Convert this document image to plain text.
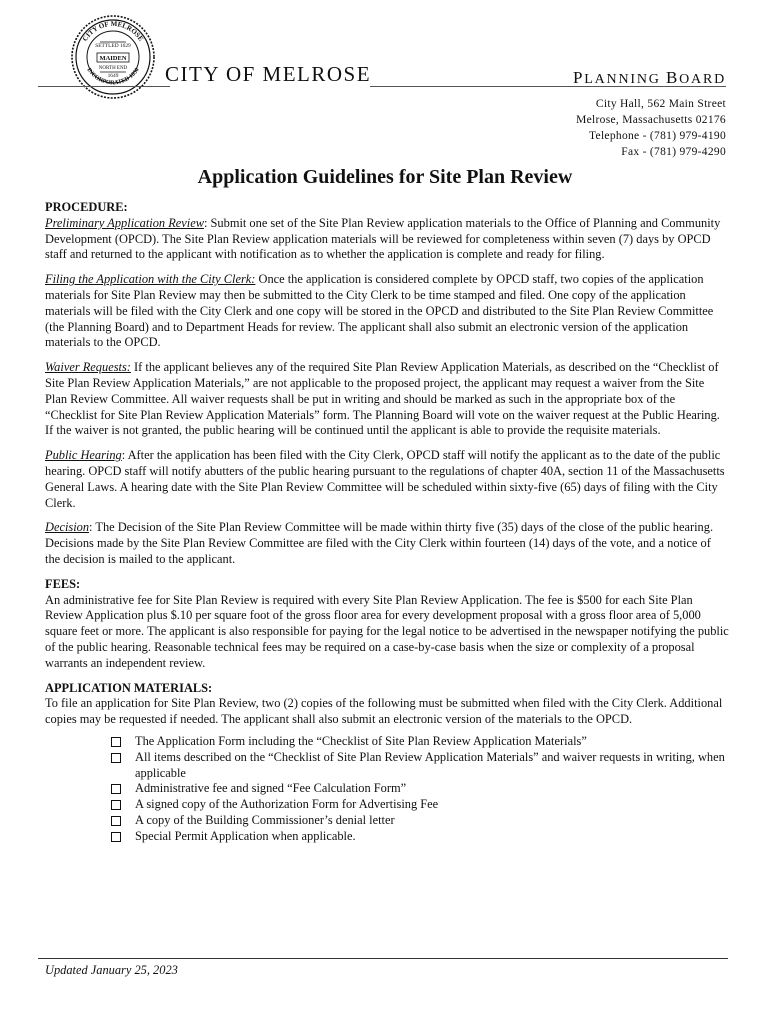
CITY OF MELROSE
INCORPORATED 1850
SETTLED 1629
MAIDEN
NORTH END
1649 CITY OF MELROSE	PLANNING BOARD
City Hall, 562 Main Street
Melrose, Massachusetts 02176
Telephone - (781) 979-4190
Fax - (781) 979-4290
Application Guidelines for Site Plan Review

PROCEDURE:

Preliminary Application Review: Submit one set of the Site Plan Review application materials to the Office of Planning and Community Development (OPCD). The Site Plan Review application materials will be reviewed for completeness within seven (7) days by OPCD staff and returned to the applicant with notification as to whether the application is complete and ready for filing.

Filing the Application with the City Clerk: Once the application is considered complete by OPCD staff, two copies of the application materials for Site Plan Review may then be submitted to the City Clerk to be time stamped and filed. One copy of the application materials will be filed with the City Clerk and one copy will be stored in the OPCD and distributed to the Site Plan Review Committee (the Planning Board) and to Department Heads for review. The applicant shall also submit an electronic version of the application materials to the OPCD.

Waiver Requests: If the applicant believes any of the required Site Plan Review Application Materials, as described on the “Checklist of Site Plan Review Application Materials,” are not applicable to the proposed project, the applicant may request a waiver from the Site Plan Review Committee. All waiver requests shall be put in writing and should be marked as such in the appropriate box of the “Checklist for Site Plan Review Application Materials” form. The Planning Board will vote on the waiver request at the Public Hearing. If the waiver is not granted, the public hearing will be continued until the applicant is able to provide the requisite materials.

Public Hearing: After the application has been filed with the City Clerk, OPCD staff will notify the applicant as to the date of the public hearing. OPCD staff will notify abutters of the public hearing pursuant to the regulations of chapter 40A, section 11 of the Massachusetts General Laws. A hearing date with the Site Plan Review Committee will be scheduled within sixty-five (65) days of filing with the City Clerk.

Decision: The Decision of the Site Plan Review Committee will be made within thirty five (35) days of the close of the public hearing. Decisions made by the Site Plan Review Committee are filed with the City Clerk within fourteen (14) days of the vote, and a notice of the decision is mailed to the applicant.

FEES:

An administrative fee for Site Plan Review is required with every Site Plan Review Application. The fee is $500 for each Site Plan Review Application plus $.10 per square foot of the gross floor area for every development proposal with a gross floor area of 5,000 square feet or more. The applicant is also responsible for paying for the legal notice to be advertised in the newspaper notifying the public of the public hearing. Reasonable technical fees may be required on a case-by-case basis when the size or complexity of a proposal warrants an independent review.

APPLICATION MATERIALS:

To file an application for Site Plan Review, two (2) copies of the following must be submitted when filed with the City Clerk. Additional copies may be requested if needed. The applicant shall also submit an electronic version of the materials to the OPCD.

The Application Form including the “Checklist of Site Plan Review Application Materials”
All items described on the “Checklist of Site Plan Review Application Materials” and waiver requests in writing, when applicable
Administrative fee and signed “Fee Calculation Form”
A signed copy of the Authorization Form for Advertising Fee
A copy of the Building Commissioner’s denial letter
Special Permit Application when applicable.
Updated January 25, 2023
